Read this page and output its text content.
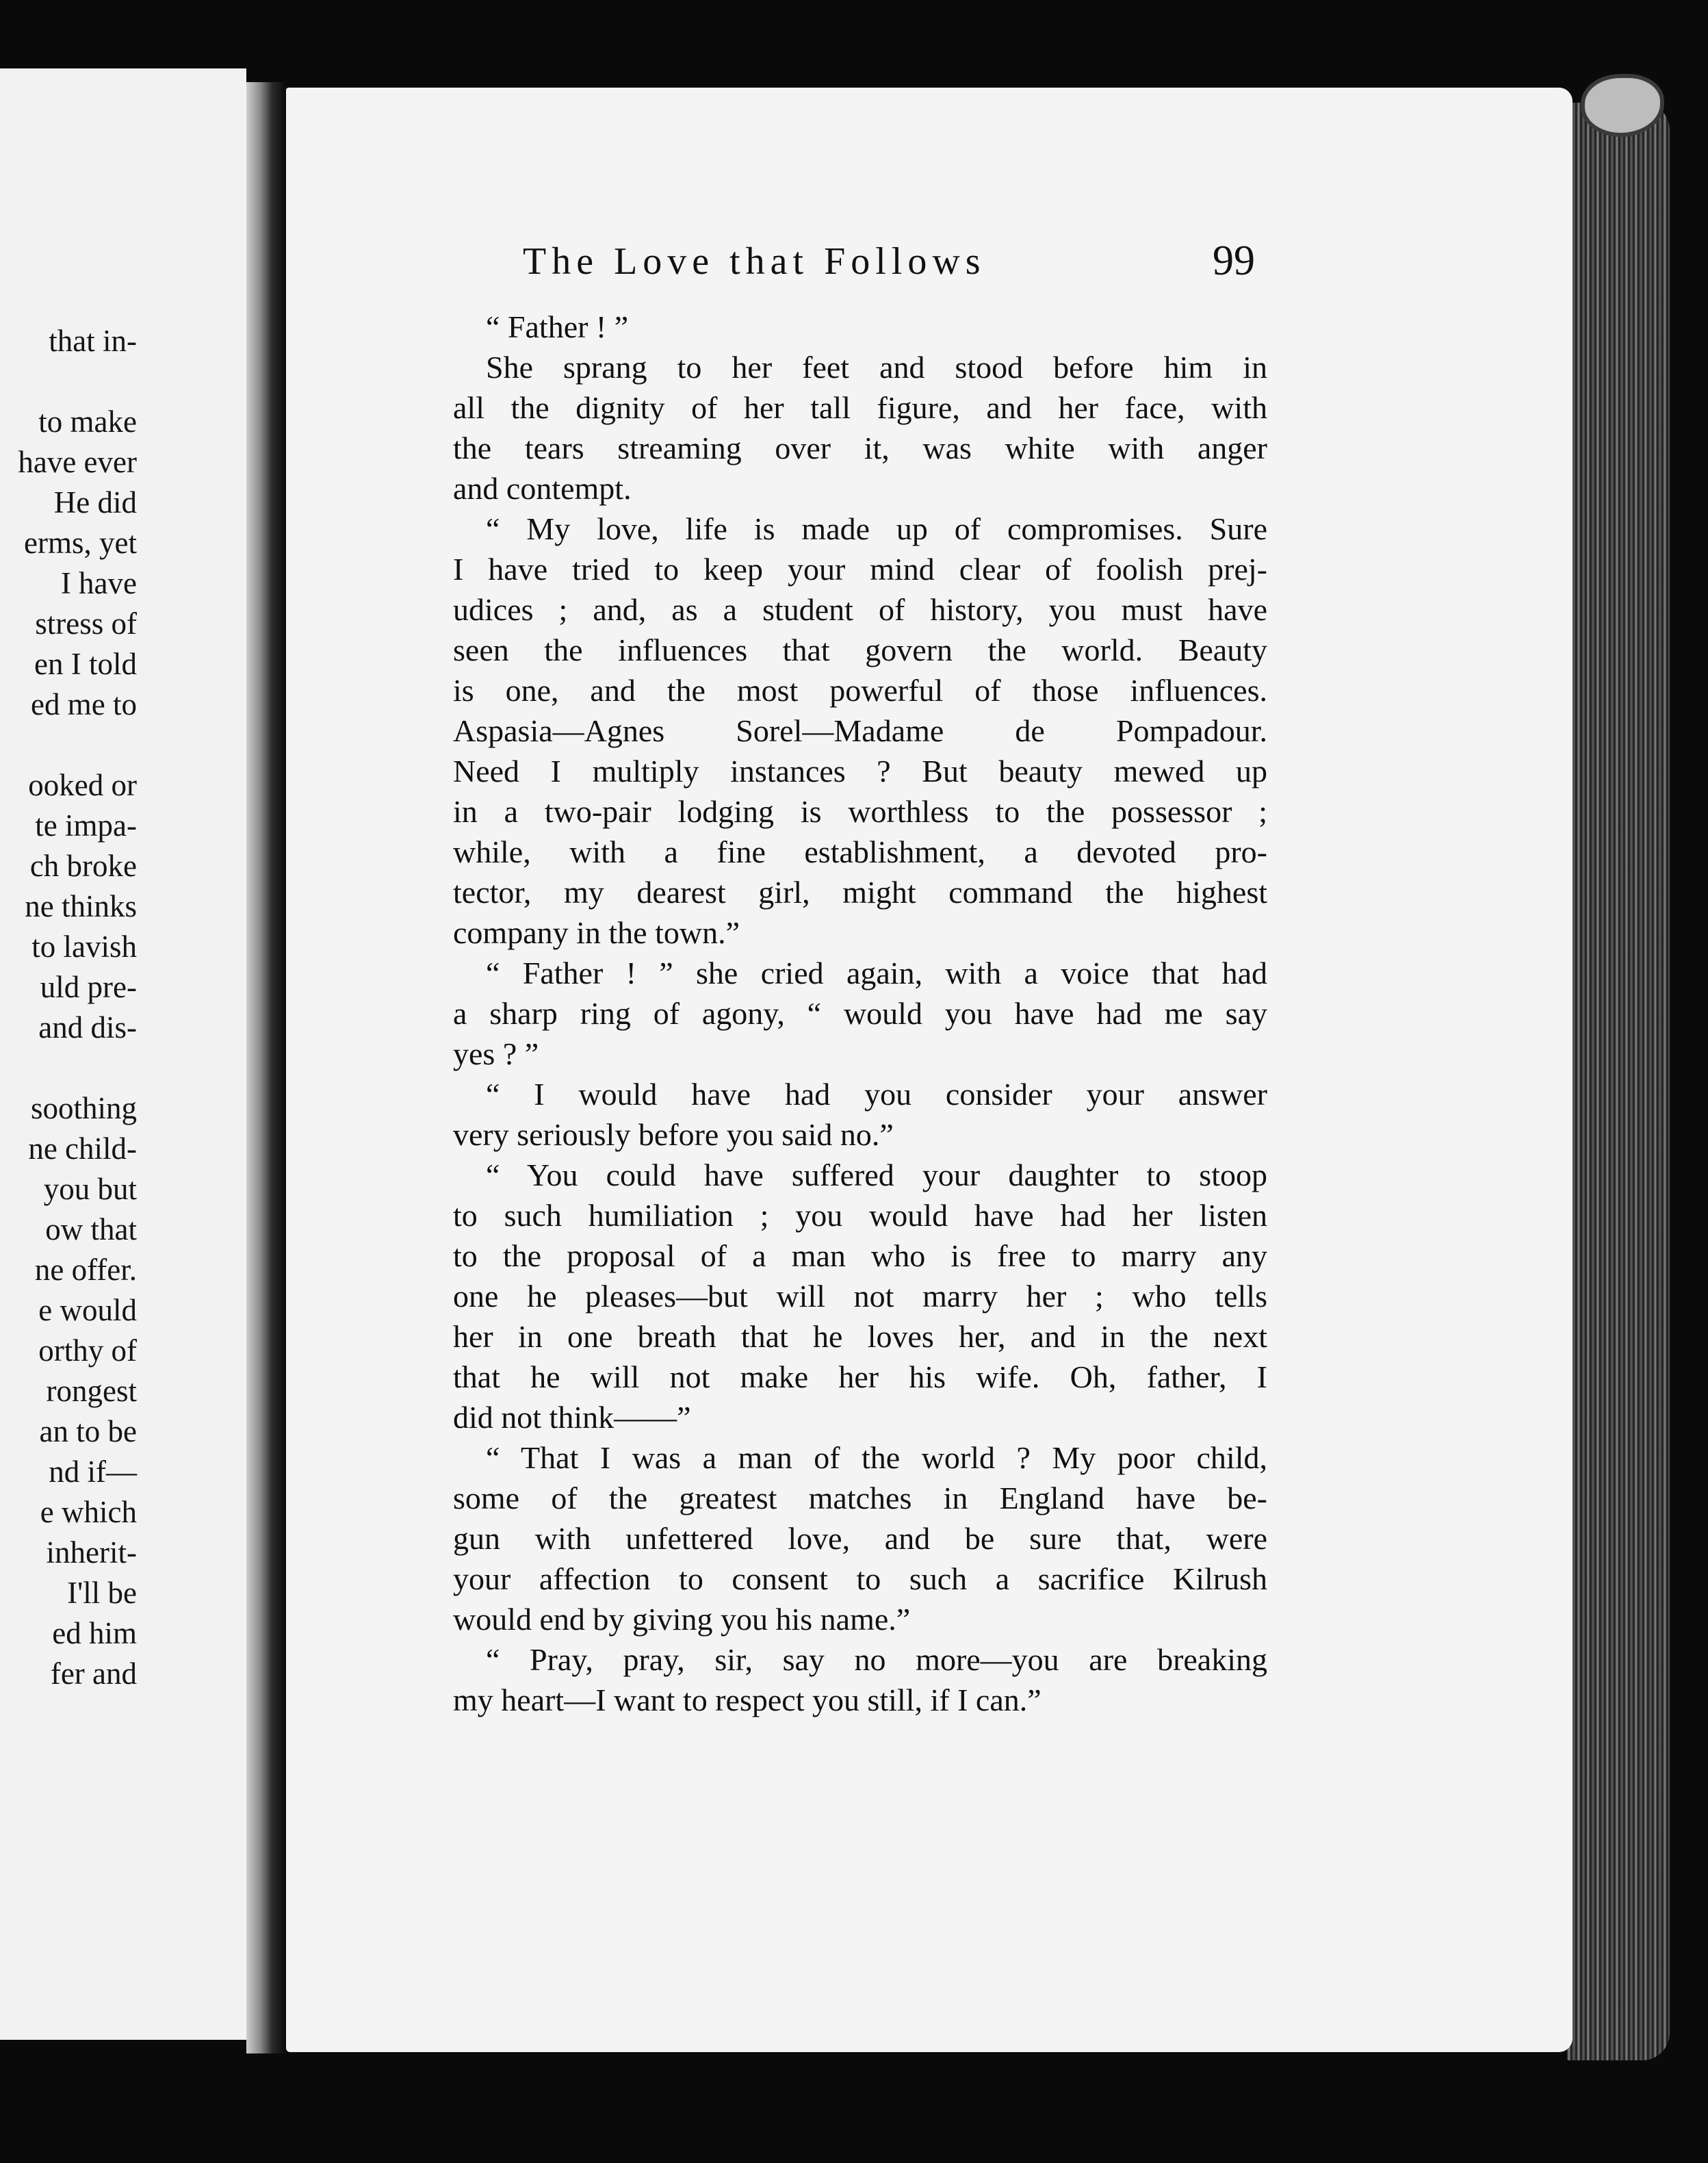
that in-
to make
have ever
He did
erms, yet
I have
stress of
en I told
ed me to
ooked or
te impa-
ch broke
ne thinks
to lavish
uld pre-
and dis-
soothing
ne child-
you but
ow that
ne offer.
e would
orthy of
rongest
an to be
nd if—
e which
inherit-
I'll be
ed him
fer and
The Love that Follows	99
“ Father ! ”
She sprang to her feet and stood before him in
all the dignity of her tall figure, and her face, with
the tears streaming over it, was white with anger
and contempt.
“ My love, life is made up of compromises. Sure
I have tried to keep your mind clear of foolish prej-
udices ; and, as a student of history, you must have
seen the influences that govern the world. Beauty
is one, and the most powerful of those influences.
Aspasia—Agnes Sorel—Madame de Pompadour.
Need I multiply instances ? But beauty mewed up
in a two-pair lodging is worthless to the possessor ;
while, with a fine establishment, a devoted pro-
tector, my dearest girl, might command the highest
company in the town.”
“ Father ! ” she cried again, with a voice that had
a sharp ring of agony, “ would you have had me say
yes ? ”
“ I would have had you consider your answer
very seriously before you said no.”
“ You could have suffered your daughter to stoop
to such humiliation ; you would have had her listen
to the proposal of a man who is free to marry any
one he pleases—but will not marry her ; who tells
her in one breath that he loves her, and in the next
that he will not make her his wife. Oh, father, I
did not think——”
“ That I was a man of the world ? My poor child,
some of the greatest matches in England have be-
gun with unfettered love, and be sure that, were
your affection to consent to such a sacrifice Kilrush
would end by giving you his name.”
“ Pray, pray, sir, say no more—you are breaking
my heart—I want to respect you still, if I can.”
